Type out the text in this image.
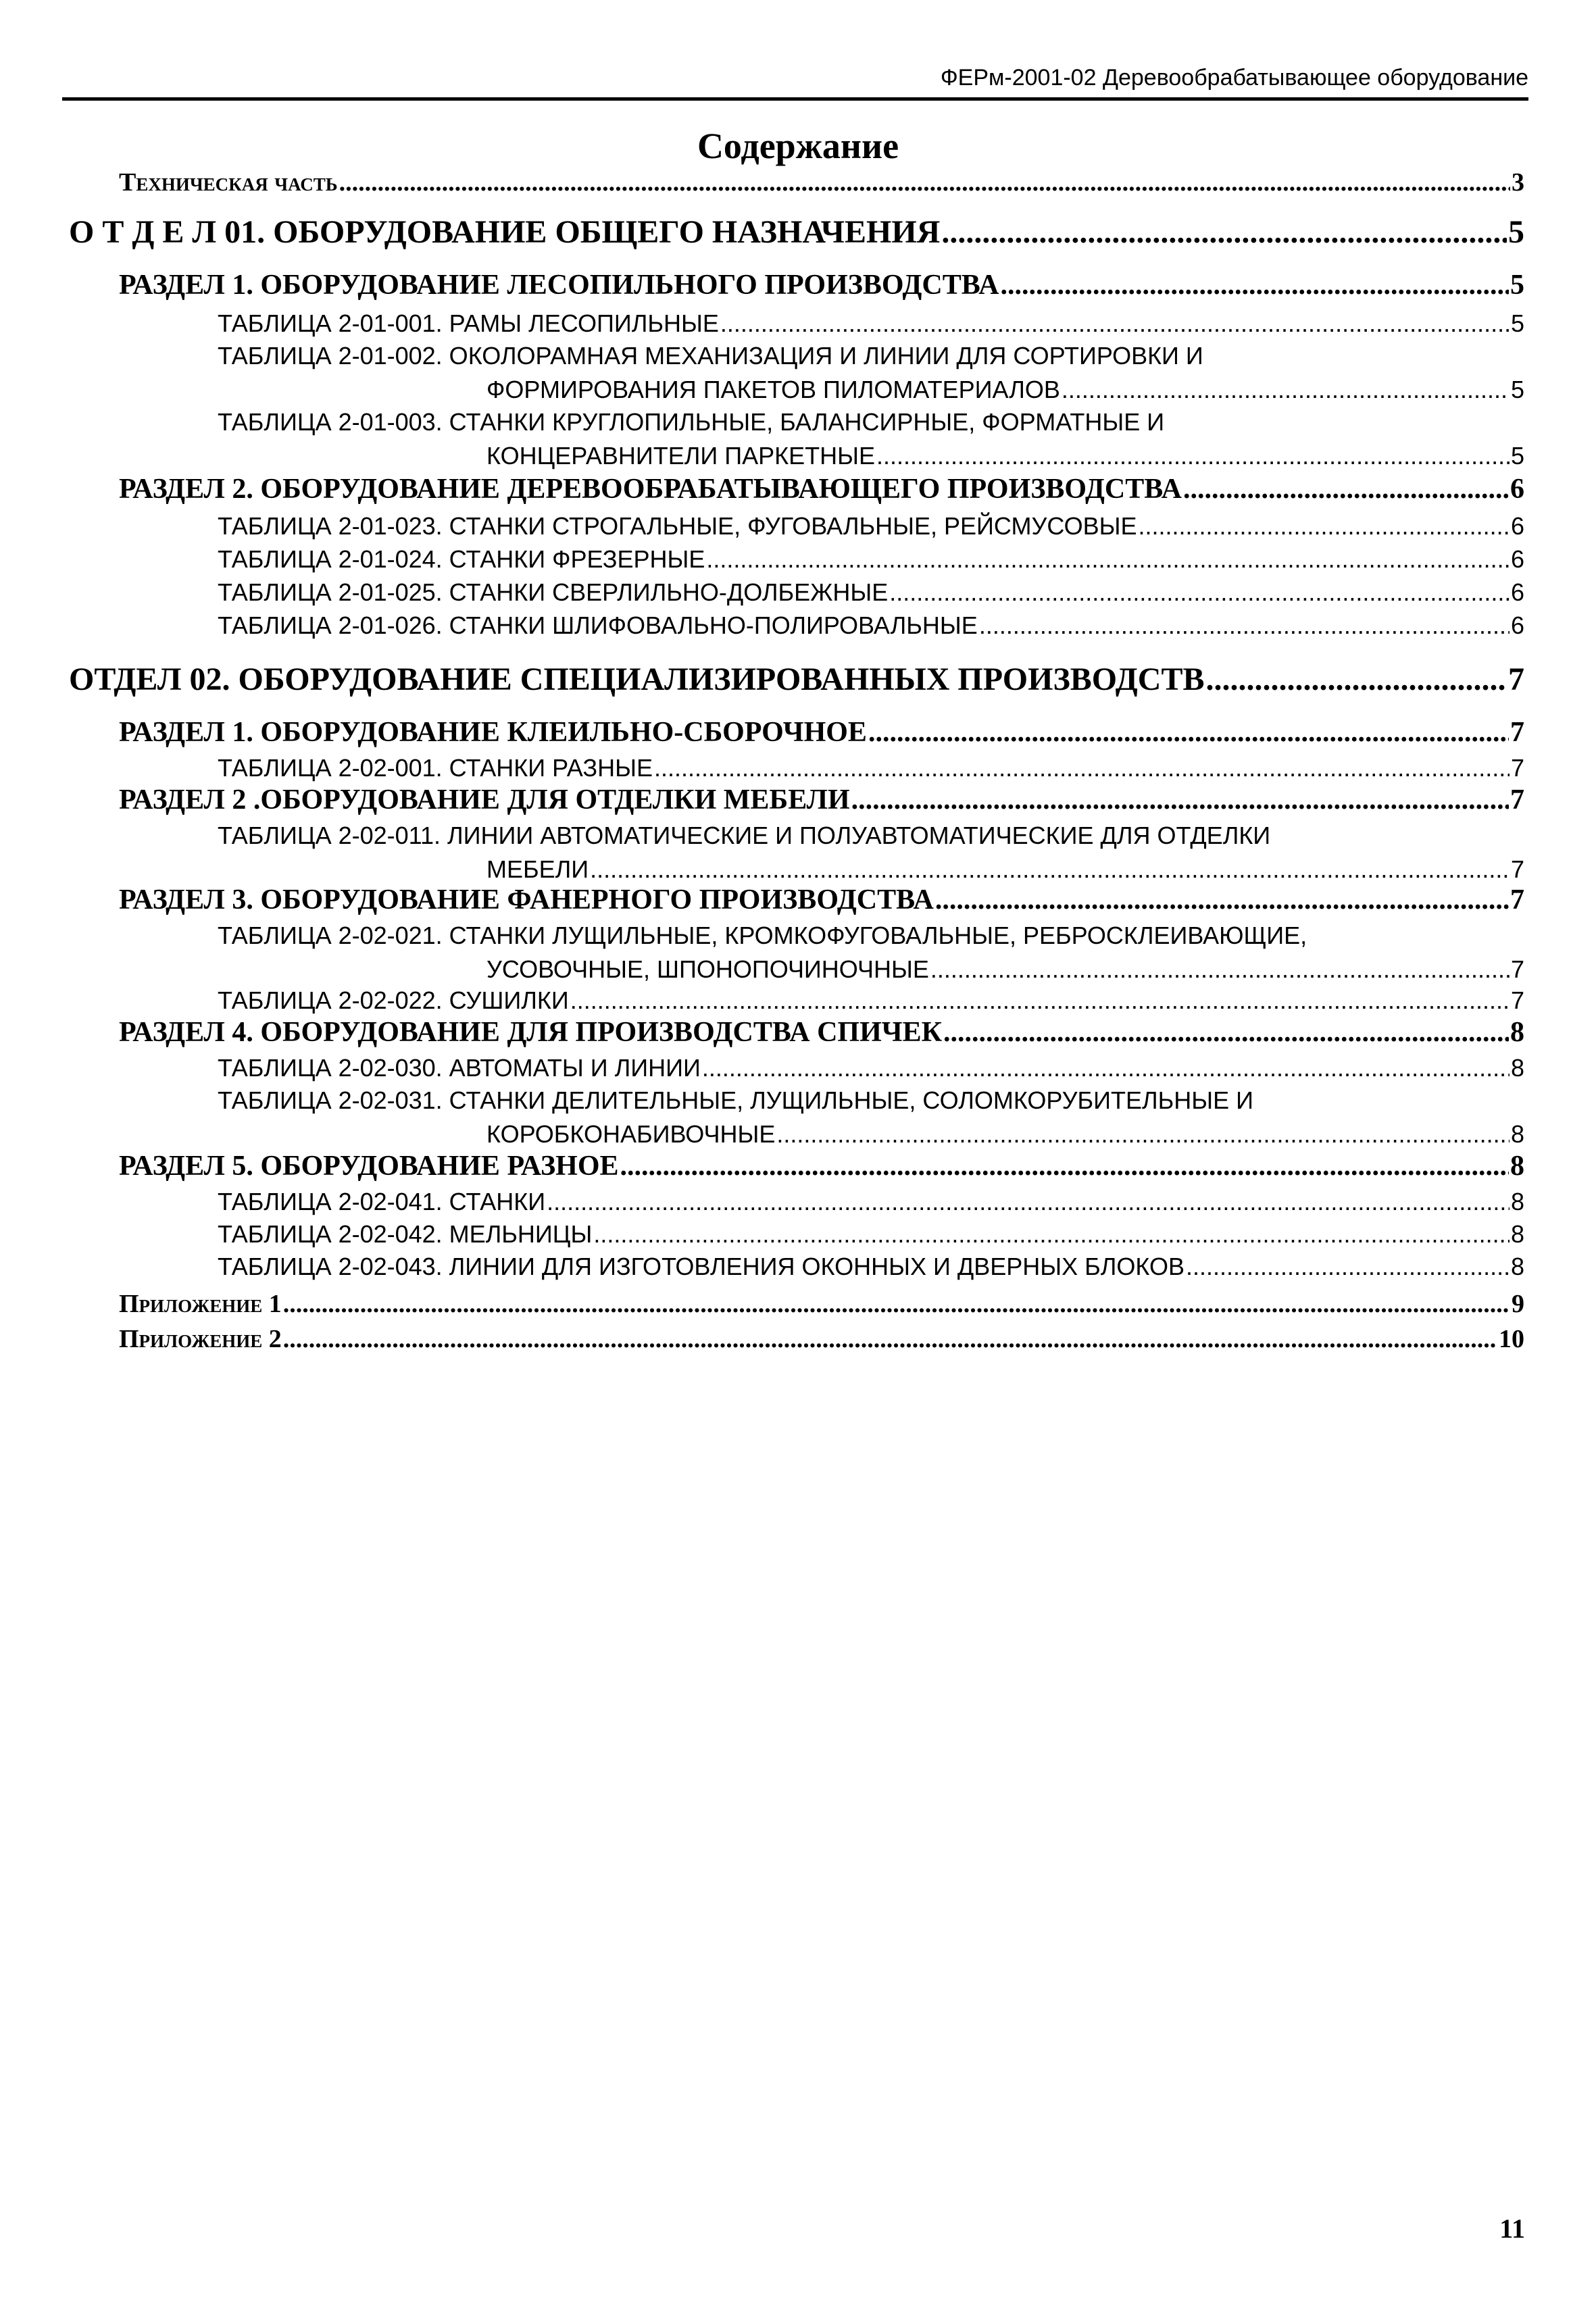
ФЕРм-2001-02 Деревообрабатывающее оборудование
Содержание
Техническая часть .....	3
О Т Д Е Л 01. ОБОРУДОВАНИЕ ОБЩЕГО НАЗНАЧЕНИЯ .....	5
РАЗДЕЛ 1. ОБОРУДОВАНИЕ ЛЕСОПИЛЬНОГО ПРОИЗВОДСТВА .....	5
ТАБЛИЦА 2-01-001. РАМЫ ЛЕСОПИЛЬНЫЕ .....	5
ТАБЛИЦА 2-01-002. ОКОЛОРАМНАЯ МЕХАНИЗАЦИЯ И ЛИНИИ ДЛЯ СОРТИРОВКИ И
ФОРМИРОВАНИЯ ПАКЕТОВ ПИЛОМАТЕРИАЛОВ .....	5
ТАБЛИЦА 2-01-003. СТАНКИ КРУГЛОПИЛЬНЫЕ, БАЛАНСИРНЫЕ, ФОРМАТНЫЕ И
КОНЦЕРАВНИТЕЛИ ПАРКЕТНЫЕ .....	5
РАЗДЕЛ 2. ОБОРУДОВАНИЕ ДЕРЕВООБРАБАТЫВАЮЩЕГО ПРОИЗВОДСТВА .....	6
ТАБЛИЦА 2-01-023. СТАНКИ СТРОГАЛЬНЫЕ, ФУГОВАЛЬНЫЕ, РЕЙСМУСОВЫЕ .....	6
ТАБЛИЦА 2-01-024. СТАНКИ ФРЕЗЕРНЫЕ .....	6
ТАБЛИЦА 2-01-025. СТАНКИ СВЕРЛИЛЬНО-ДОЛБЕЖНЫЕ .....	6
ТАБЛИЦА 2-01-026. СТАНКИ ШЛИФОВАЛЬНО-ПОЛИРОВАЛЬНЫЕ .....	6
ОТДЕЛ 02. ОБОРУДОВАНИЕ СПЕЦИАЛИЗИРОВАННЫХ ПРОИЗВОДСТВ .....	7
РАЗДЕЛ 1. ОБОРУДОВАНИЕ КЛЕИЛЬНО-СБОРОЧНОЕ .....	7
ТАБЛИЦА 2-02-001. СТАНКИ РАЗНЫЕ .....	7
РАЗДЕЛ 2 .ОБОРУДОВАНИЕ ДЛЯ ОТДЕЛКИ МЕБЕЛИ .....	7
ТАБЛИЦА 2-02-011. ЛИНИИ АВТОМАТИЧЕСКИЕ И ПОЛУАВТОМАТИЧЕСКИЕ ДЛЯ ОТДЕЛКИ
МЕБЕЛИ .....	7
РАЗДЕЛ 3. ОБОРУДОВАНИЕ ФАНЕРНОГО ПРОИЗВОДСТВА .....	7
ТАБЛИЦА 2-02-021. СТАНКИ ЛУЩИЛЬНЫЕ, КРОМКОФУГОВАЛЬНЫЕ, РЕБРОСКЛЕИВАЮЩИЕ,
УСОВОЧНЫЕ, ШПОНОПОЧИНОЧНЫЕ .....	7
ТАБЛИЦА 2-02-022. СУШИЛКИ .....	7
РАЗДЕЛ 4. ОБОРУДОВАНИЕ ДЛЯ ПРОИЗВОДСТВА СПИЧЕК .....	8
ТАБЛИЦА 2-02-030. АВТОМАТЫ И ЛИНИИ .....	8
ТАБЛИЦА 2-02-031. СТАНКИ ДЕЛИТЕЛЬНЫЕ, ЛУЩИЛЬНЫЕ, СОЛОМКОРУБИТЕЛЬНЫЕ И
КОРОБКОНАБИВОЧНЫЕ .....	8
РАЗДЕЛ 5. ОБОРУДОВАНИЕ РАЗНОЕ .....	8
ТАБЛИЦА 2-02-041. СТАНКИ .....	8
ТАБЛИЦА 2-02-042. МЕЛЬНИЦЫ .....	8
ТАБЛИЦА 2-02-043. ЛИНИИ ДЛЯ ИЗГОТОВЛЕНИЯ ОКОННЫХ И ДВЕРНЫХ БЛОКОВ .....	8
Приложение 1 .....	9
Приложение 2 .....	10
11
